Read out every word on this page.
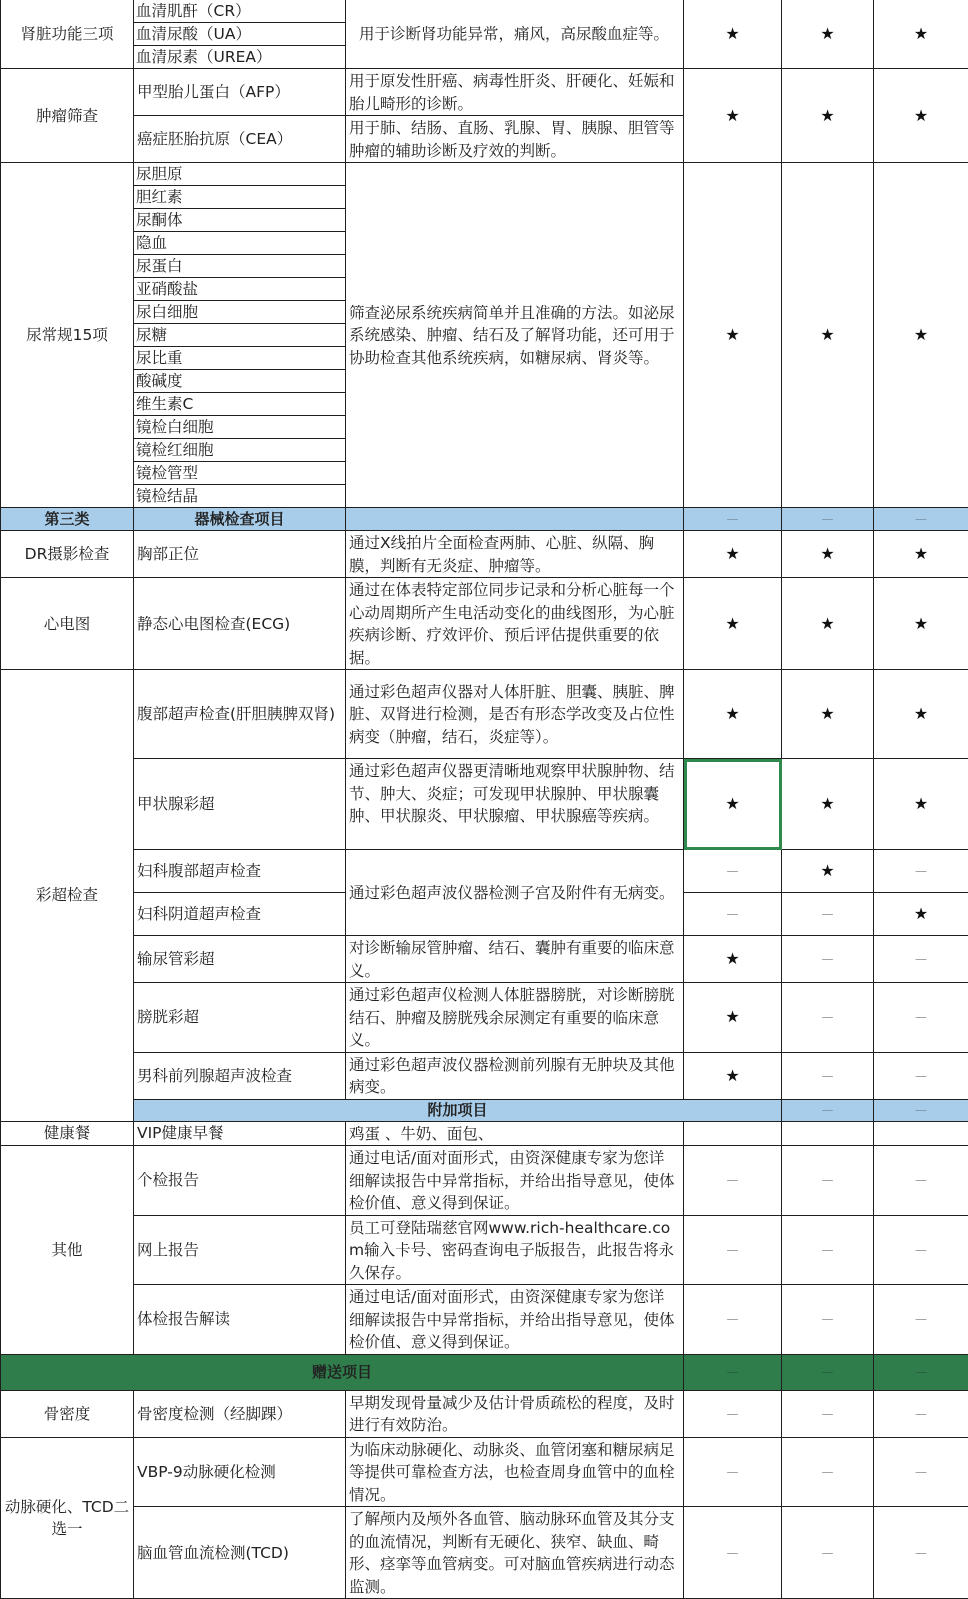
肾脏功能三项	血清肌酐（CR）	用于诊断肾功能异常，痛风，高尿酸血症等。	★	★	★	
	血清尿酸（UA）					
	血清尿素（UREA）					
肿瘤筛查	甲型胎儿蛋白（AFP）	用于原发性肝癌、病毒性肝炎、肝硬化、妊娠和胎儿畸形的诊断。	★	★	★	
	癌症胚胎抗原（CEA）	用于肺、结肠、直肠、乳腺、胃、胰腺、胆管等肿瘤的辅助诊断及疗效的判断。				
尿常规15项	尿胆原	筛查泌尿系统疾病简单并且准确的方法。如泌尿系统感染、肿瘤、结石及了解肾功能，还可用于协助检查其他系统疾病，如糖尿病、肾炎等。	★	★	★	
	胆红素					
	尿酮体					
	隐血					
	尿蛋白					
	亚硝酸盐					
	尿白细胞					
	尿糖					
	尿比重					
	酸碱度					
	维生素C					
	镜检白细胞					
	镜检红细胞					
	镜检管型					
	镜检结晶					
第三类	器械检查项目		—	—	—	
DR摄影检查	胸部正位	通过X线拍片全面检查两肺、心脏、纵隔、胸膜，判断有无炎症、肿瘤等。	★	★	★	
心电图	静态心电图检查(ECG)	通过在体表特定部位同步记录和分析心脏每一个心动周期所产生电活动变化的曲线图形，为心脏疾病诊断、疗效评价、预后评估提供重要的依据。	★	★	★	
彩超检查	腹部超声检查(肝胆胰脾双肾)	通过彩色超声仪器对人体肝脏、胆囊、胰脏、脾脏、双肾进行检测，是否有形态学改变及占位性病变（肿瘤，结石，炎症等）。	★	★	★	
	甲状腺彩超	通过彩色超声仪器更清晰地观察甲状腺肿物、结节、肿大、炎症；可发现甲状腺肿、甲状腺囊肿、甲状腺炎、甲状腺瘤、甲状腺癌等疾病。	★	★	★	
	妇科腹部超声检查	通过彩色超声波仪器检测子宫及附件有无病变。	—	★	—	
	妇科阴道超声检查		—	—	★	
	输尿管彩超	对诊断输尿管肿瘤、结石、囊肿有重要的临床意义。	★	—	—	
	膀胱彩超	通过彩色超声仪检测人体脏器膀胱，对诊断膀胱结石、肿瘤及膀胱残余尿测定有重要的临床意义。	★	—	—	
	男科前列腺超声波检查	通过彩色超声波仪器检测前列腺有无肿块及其他病变。	★	—	—	
	附加项目			—	—	
健康餐	VIP健康早餐	鸡蛋 、牛奶、面包、				
其他	个检报告	通过电话/面对面形式，由资深健康专家为您详细解读报告中异常指标，并给出指导意见，使体检价值、意义得到保证。	—	—	—	
	网上报告	员工可登陆瑞慈官网www.rich-healthcare.com输入卡号、密码查询电子版报告，此报告将永久保存。	—	—	—	
	体检报告解读	通过电话/面对面形式，由资深健康专家为您详细解读报告中异常指标，并给出指导意见，使体检价值、意义得到保证。	—	—	—	
赠送项目			—	—	—	
骨密度	骨密度检测（经脚踝）	早期发现骨量减少及估计骨质疏松的程度，及时进行有效防治。	—	—	—	
动脉硬化、TCD二选一	VBP-9动脉硬化检测	为临床动脉硬化、动脉炎、血管闭塞和糖尿病足等提供可靠检查方法，也检查周身血管中的血栓情况。	—	—	—	
	脑血管血流检测(TCD)	了解颅内及颅外各血管、脑动脉环血管及其分支的血流情况，判断有无硬化、狭窄、缺血、畸形、痉挛等血管病变。可对脑血管疾病进行动态监测。	—	—	—	
